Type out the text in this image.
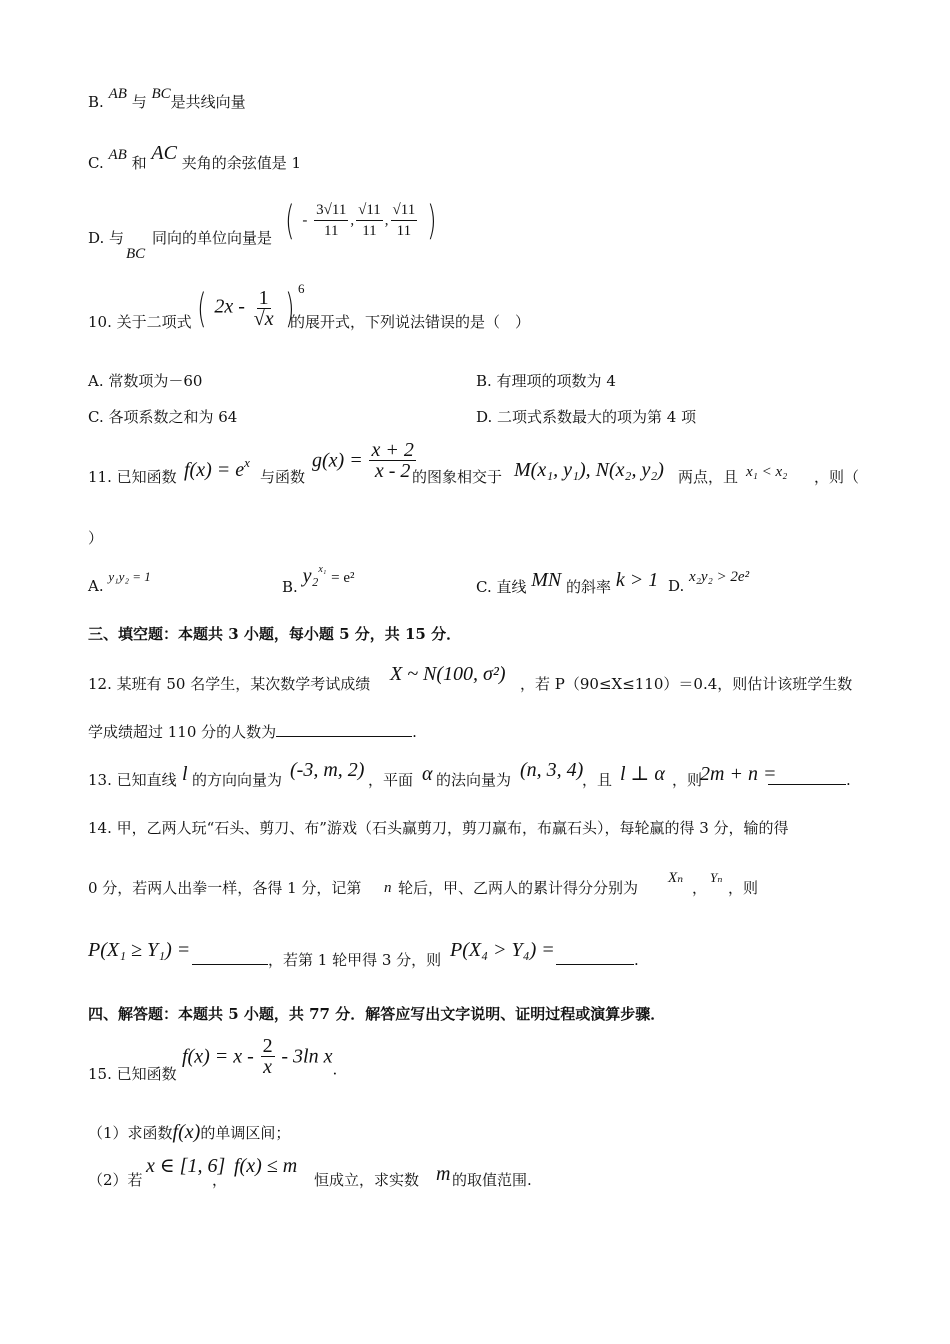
B. AB 与 BC是共线向量
C. AB 和 AC 夹角的余弦值是 1
D. 与
BC
同向的单位向量是 ( - $\frac{3√11}{11}$ , $\frac{√11}{11}$ , $\frac{√11}{11}$ )
10. 关于二项式 ( $2x - \frac{1}{√x}$ ) 6
的展开式，下列说法错误的是（　）
A. 常数项为－60	B. 有理项的项数为 4
C. 各项系数之和为 64	D. 二项式系数最大的项为第 4 项
11. 已知函数 $f(x) = e^x$
与函数
$g(x) = \frac{x + 2}{x - 2}$
的图象相交于 M(x₁, y₁), N(x₂, y₂) 两点，且 x₁ < x₂ ，则（
）
A. y₁y₂ = 1
B. y₂$^{x_1}$ = e²	C. 直线 MN 的斜率 k > 1 D. x₂y₂ > 2e²
三、填空题：本题共 3 小题，每小题 5 分，共 15 分．
12. 某班有 50 名学生，某次数学考试成绩 X ~ N(100, σ²) ，若 P（90≤X≤110）＝0.4，则估计该班学生数
学成绩超过 110 分的人数为	.
13. 已知直线 l 的方向向量为 (-3, m, 2) ，平面 α 的法向量为 (n, 3, 4)
，且 l ⊥ α ，则
2m + n =	.
14. 甲，乙两人玩“石头、剪刀、布”游戏（石头赢剪刀，剪刀赢布，布赢石头），每轮赢的得 3 分，输的得
0 分，若两人出拳一样，各得 1 分，记第 n 轮后，甲、乙两人的累计得分分别为
Xₙ
，
Yₙ
，则
P(X₁ ≥ Y₁) =	，若第 1 轮甲得 3 分，则 P(X₄ > Y₄) =	.
四、解答题：本题共 5 小题，共 77 分．解答应写出文字说明、证明过程或演算步骤．
15. 已知函数
$f(x) = x - \frac{2}{x} - 3\ln$ x.
（1）求函数f(x)的单调区间；
（2）若
x ∈ [1, 6]
，
f(x) ≤ m
恒成立，求实数 m 的取值范围.
